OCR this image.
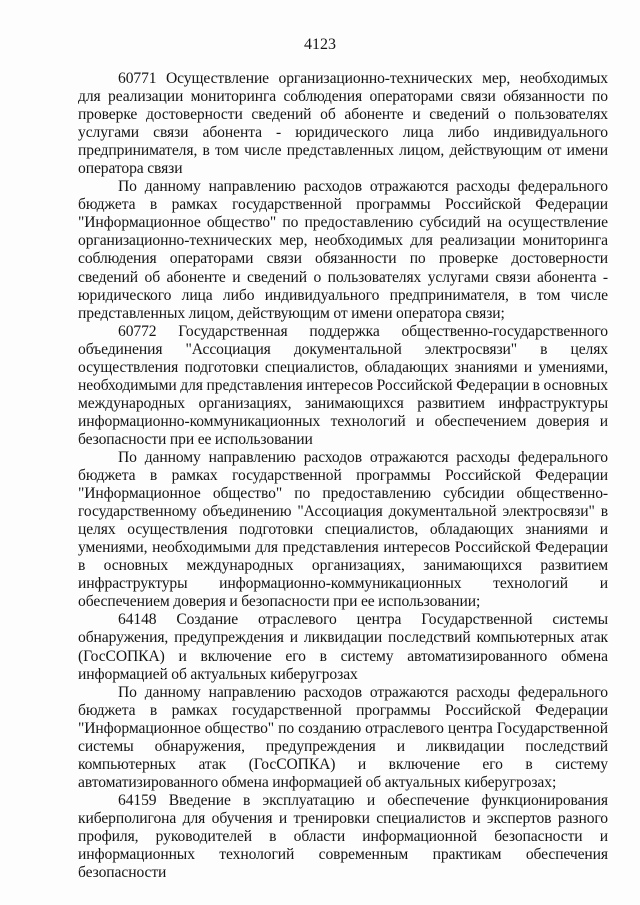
4123

60771 Осуществление организационно-технических мер, необходимых для реализации мониторинга соблюдения операторами связи обязанности по проверке достоверности сведений об абоненте и сведений о пользователях услугами связи абонента - юридического лица либо индивидуального предпринимателя, в том числе представленных лицом, действующим от имени оператора связи

По данному направлению расходов отражаются расходы федерального бюджета в рамках государственной программы Российской Федерации "Информационное общество" по предоставлению субсидий на осуществление организационно-технических мер, необходимых для реализации мониторинга соблюдения операторами связи обязанности по проверке достоверности сведений об абоненте и сведений о пользователях услугами связи абонента - юридического лица либо индивидуального предпринимателя, в том числе представленных лицом, действующим от имени оператора связи;

60772 Государственная поддержка общественно-государственного объединения "Ассоциация документальной электросвязи" в целях осуществления подготовки специалистов, обладающих знаниями и умениями, необходимыми для представления интересов Российской Федерации в основных международных организациях, занимающихся развитием инфраструктуры информационно-коммуникационных технологий и обеспечением доверия и безопасности при ее использовании

По данному направлению расходов отражаются расходы федерального бюджета в рамках государственной программы Российской Федерации "Информационное общество" по предоставлению субсидии общественно-государственному объединению "Ассоциация документальной электросвязи" в целях осуществления подготовки специалистов, обладающих знаниями и умениями, необходимыми для представления интересов Российской Федерации в основных международных организациях, занимающихся развитием инфраструктуры информационно-коммуникационных технологий и обеспечением доверия и безопасности при ее использовании;

64148 Создание отраслевого центра Государственной системы обнаружения, предупреждения и ликвидации последствий компьютерных атак (ГосСОПКА) и включение его в систему автоматизированного обмена информацией об актуальных киберугрозах

По данному направлению расходов отражаются расходы федерального бюджета в рамках государственной программы Российской Федерации "Информационное общество" по созданию отраслевого центра Государственной системы обнаружения, предупреждения и ликвидации последствий компьютерных атак (ГосСОПКА) и включение его в систему автоматизированного обмена информацией об актуальных киберугрозах;

64159 Введение в эксплуатацию и обеспечение функционирования киберполигона для обучения и тренировки специалистов и экспертов разного профиля, руководителей в области информационной безопасности и информационных технологий современным практикам обеспечения безопасности
